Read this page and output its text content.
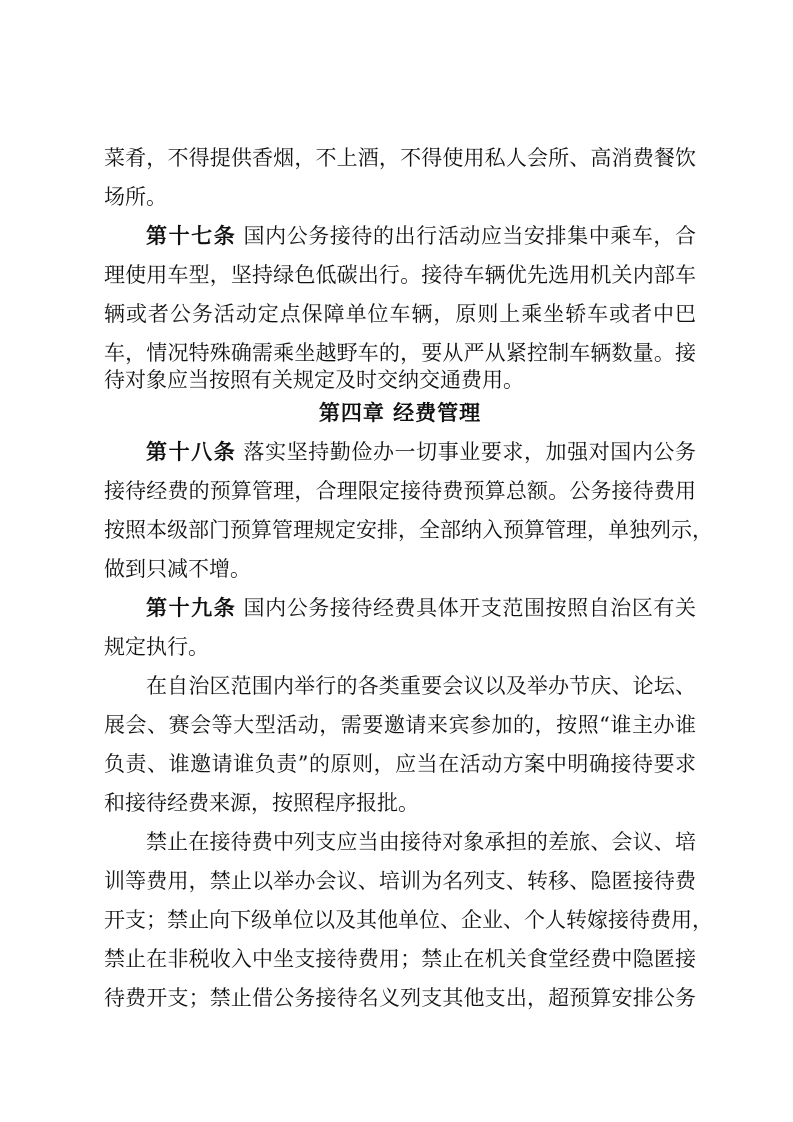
菜肴，不得提供香烟，不上酒，不得使用私人会所、高消费餐饮
场所。
第十七条 国内公务接待的出行活动应当安排集中乘车，合
理使用车型，坚持绿色低碳出行。接待车辆优先选用机关内部车
辆或者公务活动定点保障单位车辆，原则上乘坐轿车或者中巴
车，情况特殊确需乘坐越野车的，要从严从紧控制车辆数量。接
待对象应当按照有关规定及时交纳交通费用。
第四章 经费管理
第十八条 落实坚持勤俭办一切事业要求，加强对国内公务
接待经费的预算管理，合理限定接待费预算总额。公务接待费用
按照本级部门预算管理规定安排，全部纳入预算管理，单独列示，
做到只减不增。
第十九条 国内公务接待经费具体开支范围按照自治区有关
规定执行。
在自治区范围内举行的各类重要会议以及举办节庆、论坛、
展会、赛会等大型活动，需要邀请来宾参加的，按照“谁主办谁
负责、谁邀请谁负责”的原则，应当在活动方案中明确接待要求
和接待经费来源，按照程序报批。
禁止在接待费中列支应当由接待对象承担的差旅、会议、培
训等费用，禁止以举办会议、培训为名列支、转移、隐匿接待费
开支；禁止向下级单位以及其他单位、企业、个人转嫁接待费用，
禁止在非税收入中坐支接待费用；禁止在机关食堂经费中隐匿接
待费开支；禁止借公务接待名义列支其他支出，超预算安排公务
